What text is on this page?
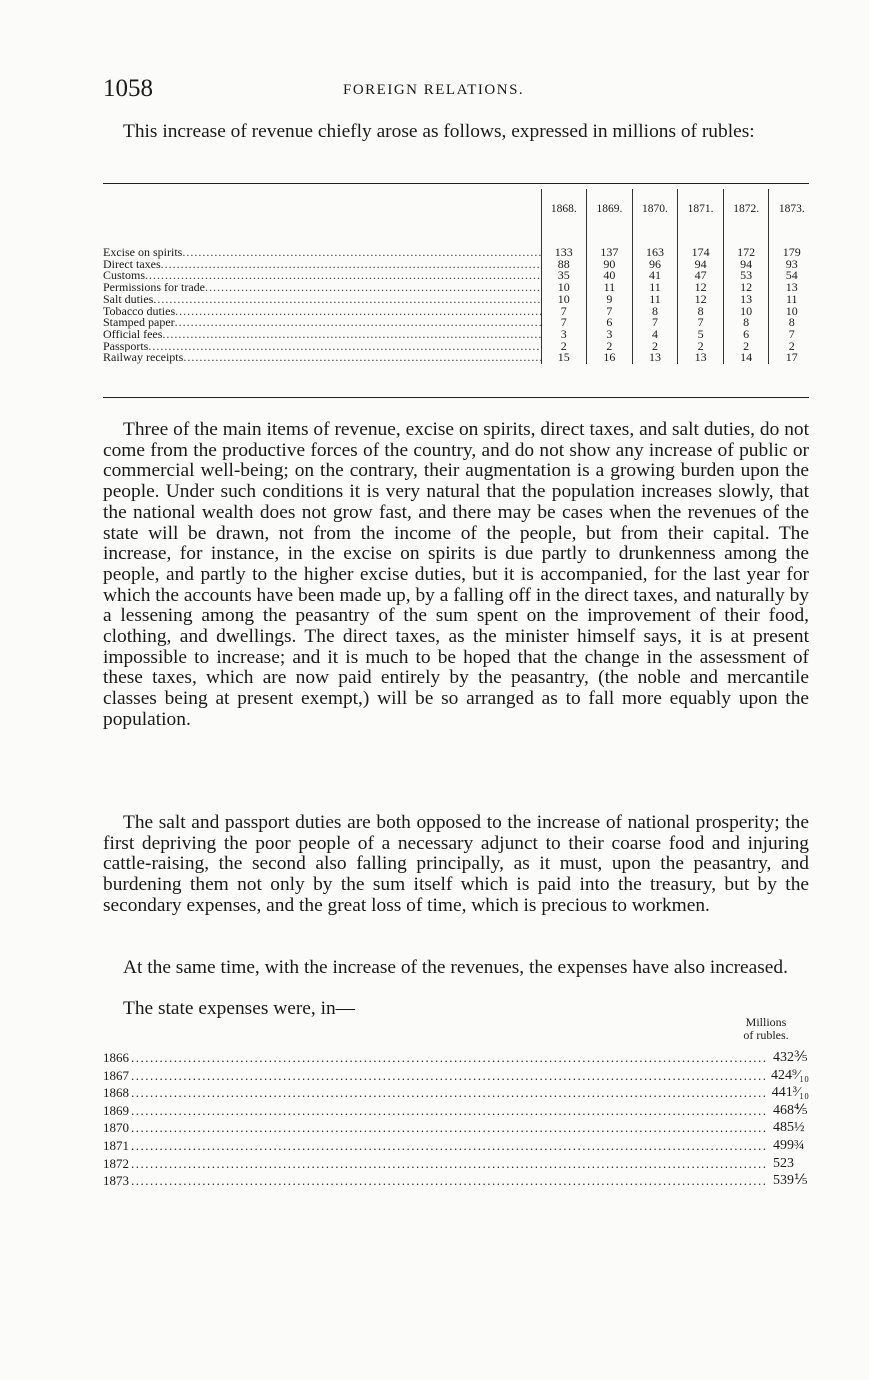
1058	FOREIGN RELATIONS.

This increase of revenue chiefly arose as follows, expressed in millions of rubles:

	1868.	1869.	1870.	1871.	1872.	1873.

Excise on spirits
.....	133	137	163	174	172	179

Direct taxes
.....	88	90	96	94	94	93

Customs
.....	35	40	41	47	53	54

Permissions for trade
.....	10	11	11	12	12	13

Salt duties
.....	10	9	11	12	13	11

Tobacco duties
.....	7	7	8	8	10	10

Stamped paper
.....	7	6	7	7	8	8

Official fees
.....	3	3	4	5	6	7

Passports
.....	2	2	2	2	2	2

Railway receipts
.....	15	16	13	13	14	17

Three of the main items of revenue, excise on spirits, direct taxes, and salt duties, do not come from the productive forces of the country, and do not show any increase of public or commercial well-being; on the contrary, their augmentation is a growing burden upon the people. Under such conditions it is very natural that the population increases slowly, that the national wealth does not grow fast, and there may be cases when the revenues of the state will be drawn, not from the income of the people, but from their capital. The increase, for instance, in the excise on spirits is due partly to drunkenness among the people, and partly to the higher excise duties, but it is accompanied, for the last year for which the accounts have been made up, by a falling off in the direct taxes, and naturally by a lessening among the peasantry of the sum spent on the improvement of their food, clothing, and dwellings. The direct taxes, as the minister himself says, it is at present impossible to increase; and it is much to be hoped that the change in the assessment of these taxes, which are now paid entirely by the peasantry, (the noble and mercantile classes being at present exempt,) will be so arranged as to fall more equably upon the population.

The salt and passport duties are both opposed to the increase of national prosperity; the first depriving the poor people of a necessary adjunct to their coarse food and injuring cattle-raising, the second also falling principally, as it must, upon the peasantry, and burdening them not only by the sum itself which is paid into the treasury, but by the secondary expenses, and the great loss of time, which is precious to workmen.

At the same time, with the increase of the revenues, the expenses have also increased.

The state expenses were, in—

Millions
of rubles.
1866 .....	432⅗
1867 .....	424⁹⁄₁₀
1868 .....	441³⁄₁₀
1869 .....	468⅘
1870 .....	485½
1871 .....	499¾
1872 .....	523
1873 .....	539⅕
